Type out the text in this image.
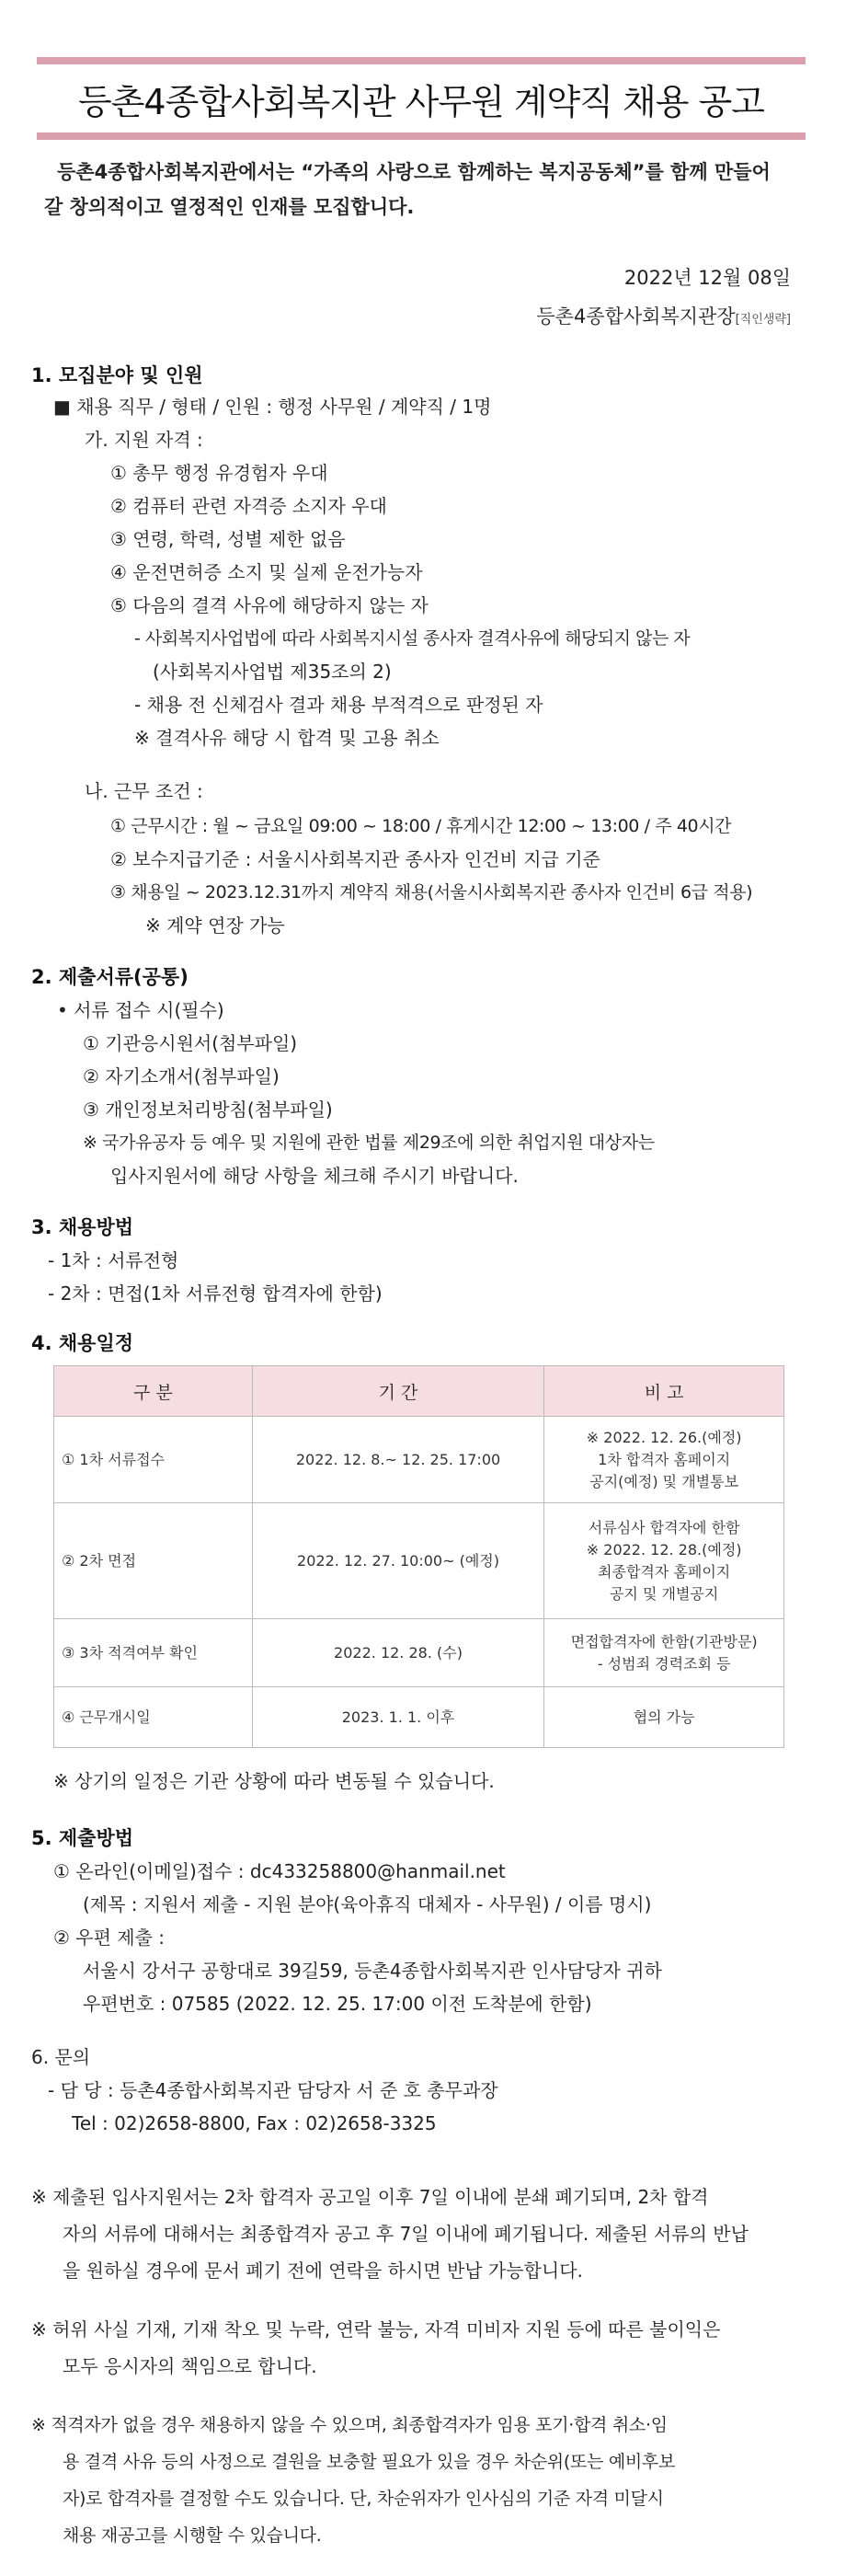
등촌4종합사회복지관 사무원 계약직 채용 공고
등촌4종합사회복지관에서는 “가족의 사랑으로 함께하는 복지공동체”를 함께 만들어
갈 창의적이고 열정적인 인재를 모집합니다.
2022년 12월 08일
등촌4종합사회복지관장[직인생략]
1. 모집분야 및 인원
■ 채용 직무 / 형태 / 인원 : 행정 사무원 / 계약직 / 1명
가. 지원 자격 :
① 총무 행정 유경험자 우대
② 컴퓨터 관련 자격증 소지자 우대
③ 연령, 학력, 성별 제한 없음
④ 운전면허증 소지 및 실제 운전가능자
⑤ 다음의 결격 사유에 해당하지 않는 자
- 사회복지사업법에 따라 사회복지시설 종사자 결격사유에 해당되지 않는 자
(사회복지사업법 제35조의 2)
- 채용 전 신체검사 결과 채용 부적격으로 판정된 자
※ 결격사유 해당 시 합격 및 고용 취소
나. 근무 조건 :
① 근무시간 : 월 ~ 금요일 09:00 ~ 18:00 / 휴게시간 12:00 ~ 13:00 / 주 40시간
② 보수지급기준 : 서울시사회복지관 종사자 인건비 지급 기준
③ 채용일 ~ 2023.12.31까지 계약직 채용(서울시사회복지관 종사자 인건비 6급 적용)
※ 계약 연장 가능
2. 제출서류(공통)
• 서류 접수 시(필수)
① 기관응시원서(첨부파일)
② 자기소개서(첨부파일)
③ 개인정보처리방침(첨부파일)
※ 국가유공자 등 예우 및 지원에 관한 법률 제29조에 의한 취업지원 대상자는
입사지원서에 해당 사항을 체크해 주시기 바랍니다.
3. 채용방법
- 1차 : 서류전형
- 2차 : 면접(1차 서류전형 합격자에 한함)
4. 채용일정
구 분	기 간	비 고
① 1차 서류접수	2022. 12. 8.~ 12. 25. 17:00	※ 2022. 12. 26.(예정)
1차 합격자 홈페이지
공지(예정) 및 개별통보

② 2차 면접	2022. 12. 27. 10:00~ (예정)	서류심사 합격자에 한함
※ 2022. 12. 28.(예정)
최종합격자 홈페이지
공지 및 개별공지

③ 3차 적격여부 확인	2022. 12. 28. (수)	면접합격자에 한함(기관방문)
- 성범죄 경력조회 등

④ 근무개시일	2023. 1. 1. 이후	협의 가능
※ 상기의 일정은 기관 상황에 따라 변동될 수 있습니다.
5. 제출방법
① 온라인(이메일)접수 : dc433258800@hanmail.net
(제목 : 지원서 제출 - 지원 분야(육아휴직 대체자 - 사무원) / 이름 명시)
② 우편 제출 :
서울시 강서구 공항대로 39길59, 등촌4종합사회복지관 인사담당자 귀하
우편번호 : 07585 (2022. 12. 25. 17:00 이전 도착분에 한함)
6. 문의
- 담 당 : 등촌4종합사회복지관 담당자 서 준 호 총무과장
Tel : 02)2658-8800, Fax : 02)2658-3325
※ 제출된 입사지원서는 2차 합격자 공고일 이후 7일 이내에 분쇄 폐기되며, 2차 합격
자의 서류에 대해서는 최종합격자 공고 후 7일 이내에 폐기됩니다. 제출된 서류의 반납
을 원하실 경우에 문서 폐기 전에 연락을 하시면 반납 가능합니다.
※ 허위 사실 기재, 기재 착오 및 누락, 연락 불능, 자격 미비자 지원 등에 따른 불이익은
모두 응시자의 책임으로 합니다.
※ 적격자가 없을 경우 채용하지 않을 수 있으며, 최종합격자가 임용 포기·합격 취소·임
용 결격 사유 등의 사정으로 결원을 보충할 필요가 있을 경우 차순위(또는 예비후보
자)로 합격자를 결정할 수도 있습니다. 단, 차순위자가 인사심의 기준 자격 미달시
채용 재공고를 시행할 수 있습니다.
